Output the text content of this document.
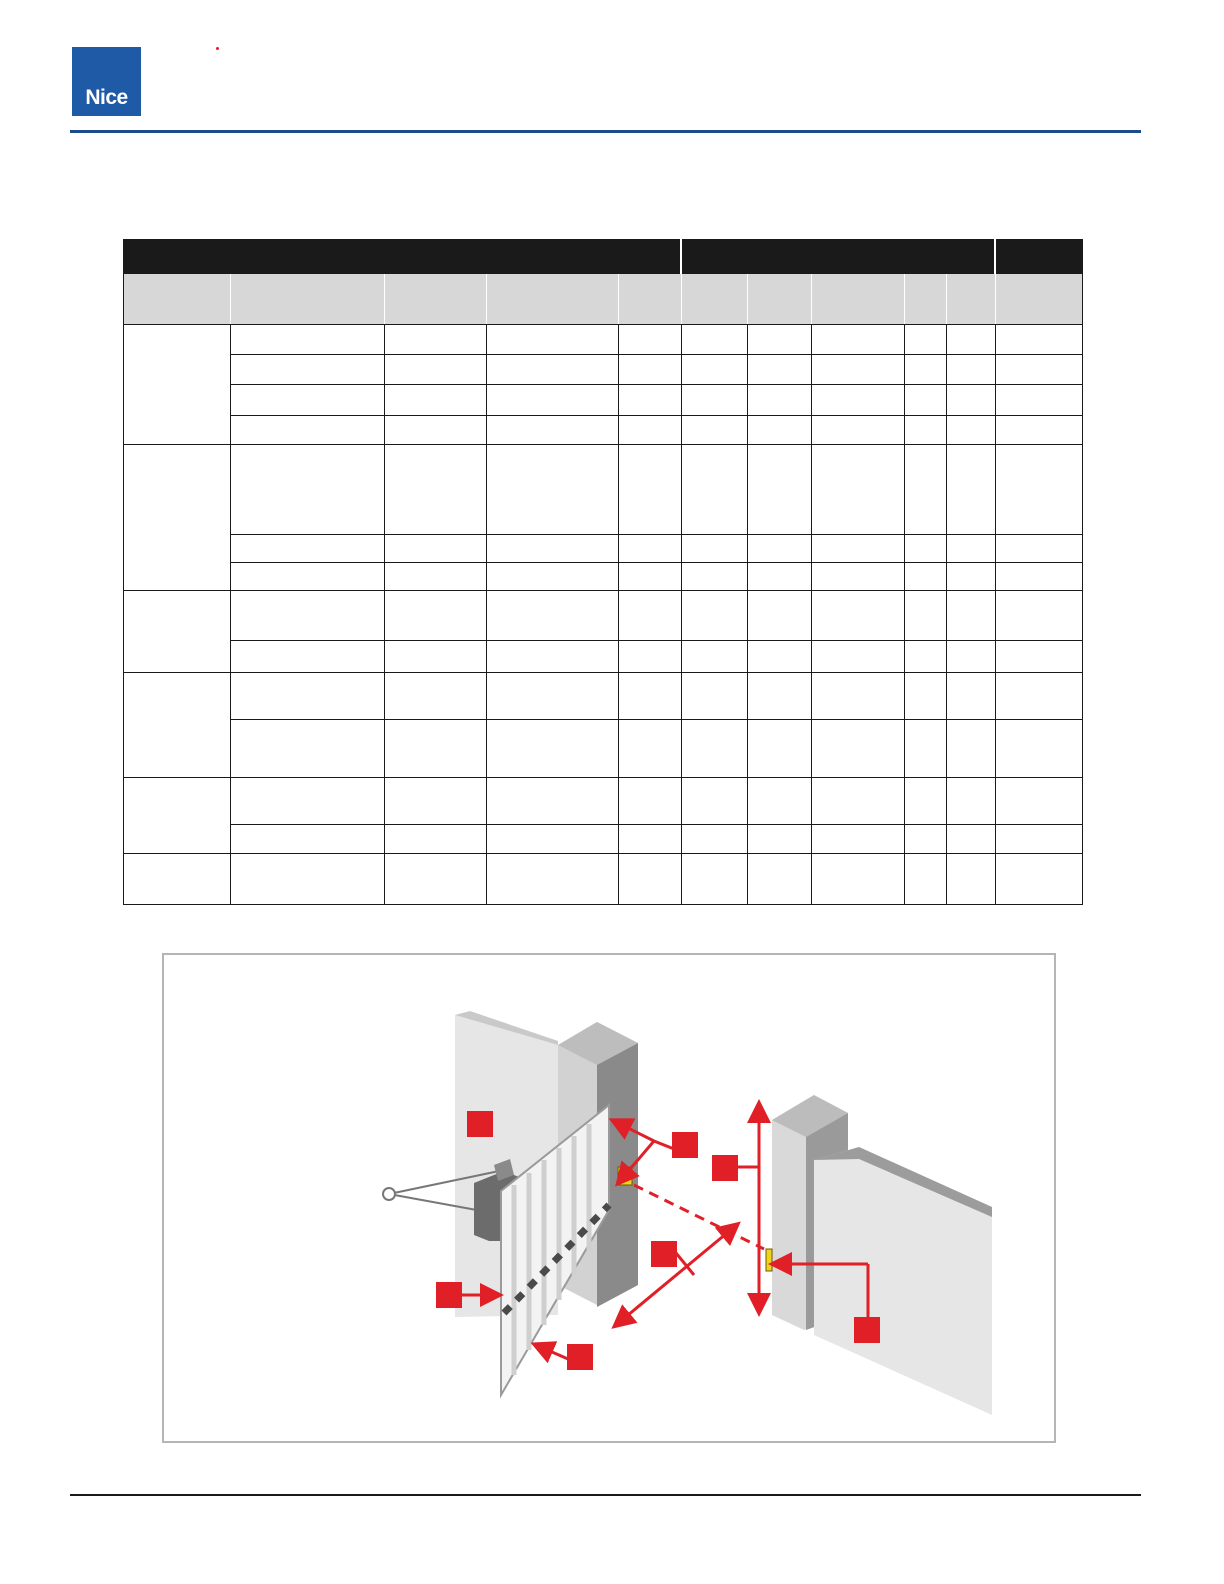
Nice
